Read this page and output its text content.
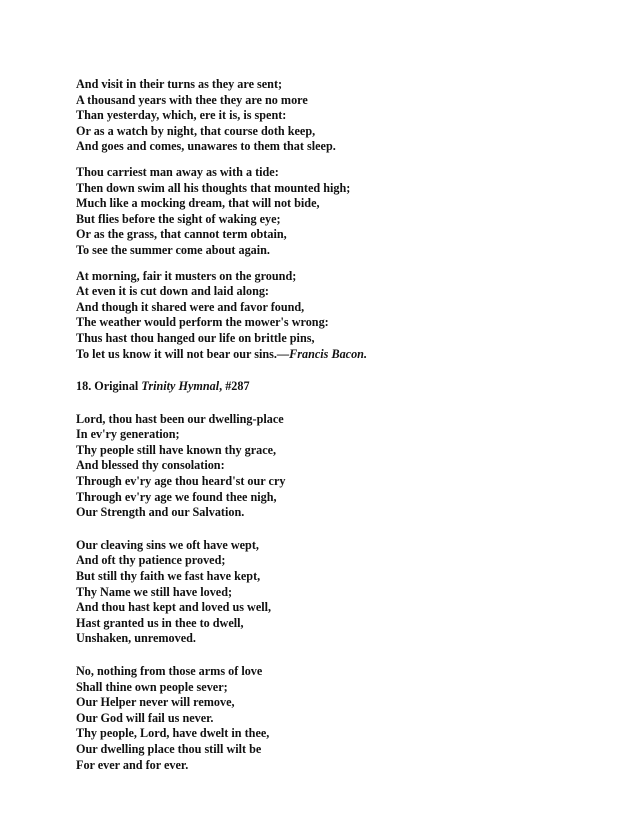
And visit in their turns as they are sent;
A thousand years with thee they are no more
Than yesterday, which, ere it is, is spent:
Or as a watch by night, that course doth keep,
And goes and comes, unawares to them that sleep.
Thou carriest man away as with a tide:
Then down swim all his thoughts that mounted high;
Much like a mocking dream, that will not bide,
But flies before the sight of waking eye;
Or as the grass, that cannot term obtain,
To see the summer come about again.
At morning, fair it musters on the ground;
At even it is cut down and laid along:
And though it shared were and favor found,
The weather would perform the mower's wrong:
Thus hast thou hanged our life on brittle pins,
To let us know it will not bear our sins.—Francis Bacon.
18. Original Trinity Hymnal, #287
Lord, thou hast been our dwelling-place
In ev'ry generation;
Thy people still have known thy grace,
And blessed thy consolation:
Through ev'ry age thou heard'st our cry
Through ev'ry age we found thee nigh,
Our Strength and our Salvation.
Our cleaving sins we oft have wept,
And oft thy patience proved;
But still thy faith we fast have kept,
Thy Name we still have loved;
And thou hast kept and loved us well,
Hast granted us in thee to dwell,
Unshaken, unremoved.
No, nothing from those arms of love
Shall thine own people sever;
Our Helper never will remove,
Our God will fail us never.
Thy people, Lord, have dwelt in thee,
Our dwelling place thou still wilt be
For ever and for ever.
